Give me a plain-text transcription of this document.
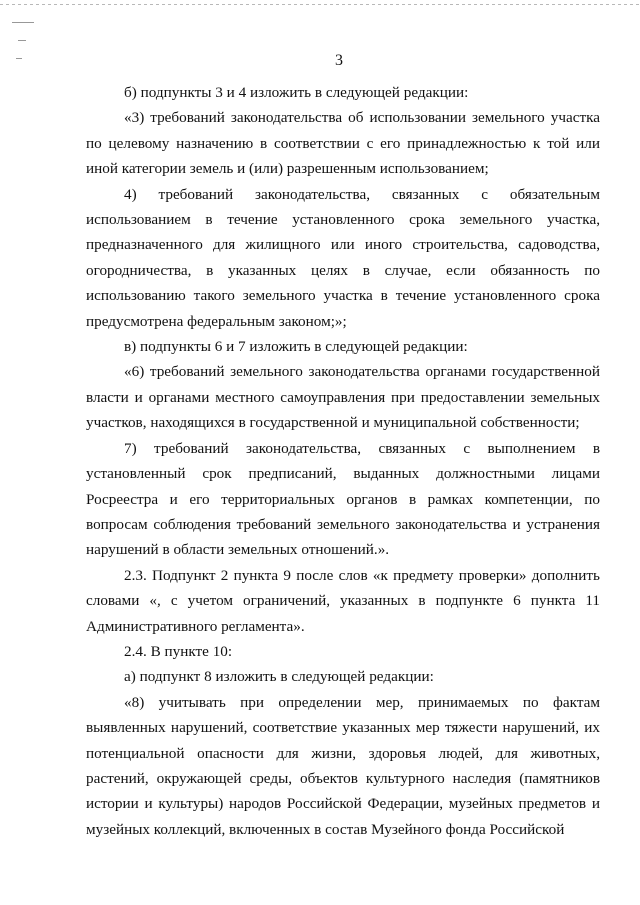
3

б) подпункты 3 и 4 изложить в следующей редакции:

«3) требований законодательства об использовании земельного участка по целевому назначению в соответствии с его принадлежностью к той или иной категории земель и (или) разрешенным использованием;

4) требований законодательства, связанных с обязательным использованием в течение установленного срока земельного участка, предназначенного для жилищного или иного строительства, садоводства, огородничества, в указанных целях в случае, если обязанность по использованию такого земельного участка в течение установленного срока предусмотрена федеральным законом;»;

в) подпункты 6 и 7 изложить в следующей редакции:

«6) требований земельного законодательства органами государственной власти и органами местного самоуправления при предоставлении земельных участков, находящихся в государственной и муниципальной собственности;

7) требований законодательства, связанных с выполнением в установленный срок предписаний, выданных должностными лицами Росреестра и его территориальных органов в рамках компетенции, по вопросам соблюдения требований земельного законодательства и устранения нарушений в области земельных отношений.».

2.3. Подпункт 2 пункта 9 после слов «к предмету проверки» дополнить словами «, с учетом ограничений, указанных в подпункте 6 пункта 11 Административного регламента».

2.4. В пункте 10:

а) подпункт 8 изложить в следующей редакции:

«8) учитывать при определении мер, принимаемых по фактам выявленных нарушений, соответствие указанных мер тяжести нарушений, их потенциальной опасности для жизни, здоровья людей, для животных, растений, окружающей среды, объектов культурного наследия (памятников истории и культуры) народов Российской Федерации, музейных предметов и музейных коллекций, включенных в состав Музейного фонда Российской
